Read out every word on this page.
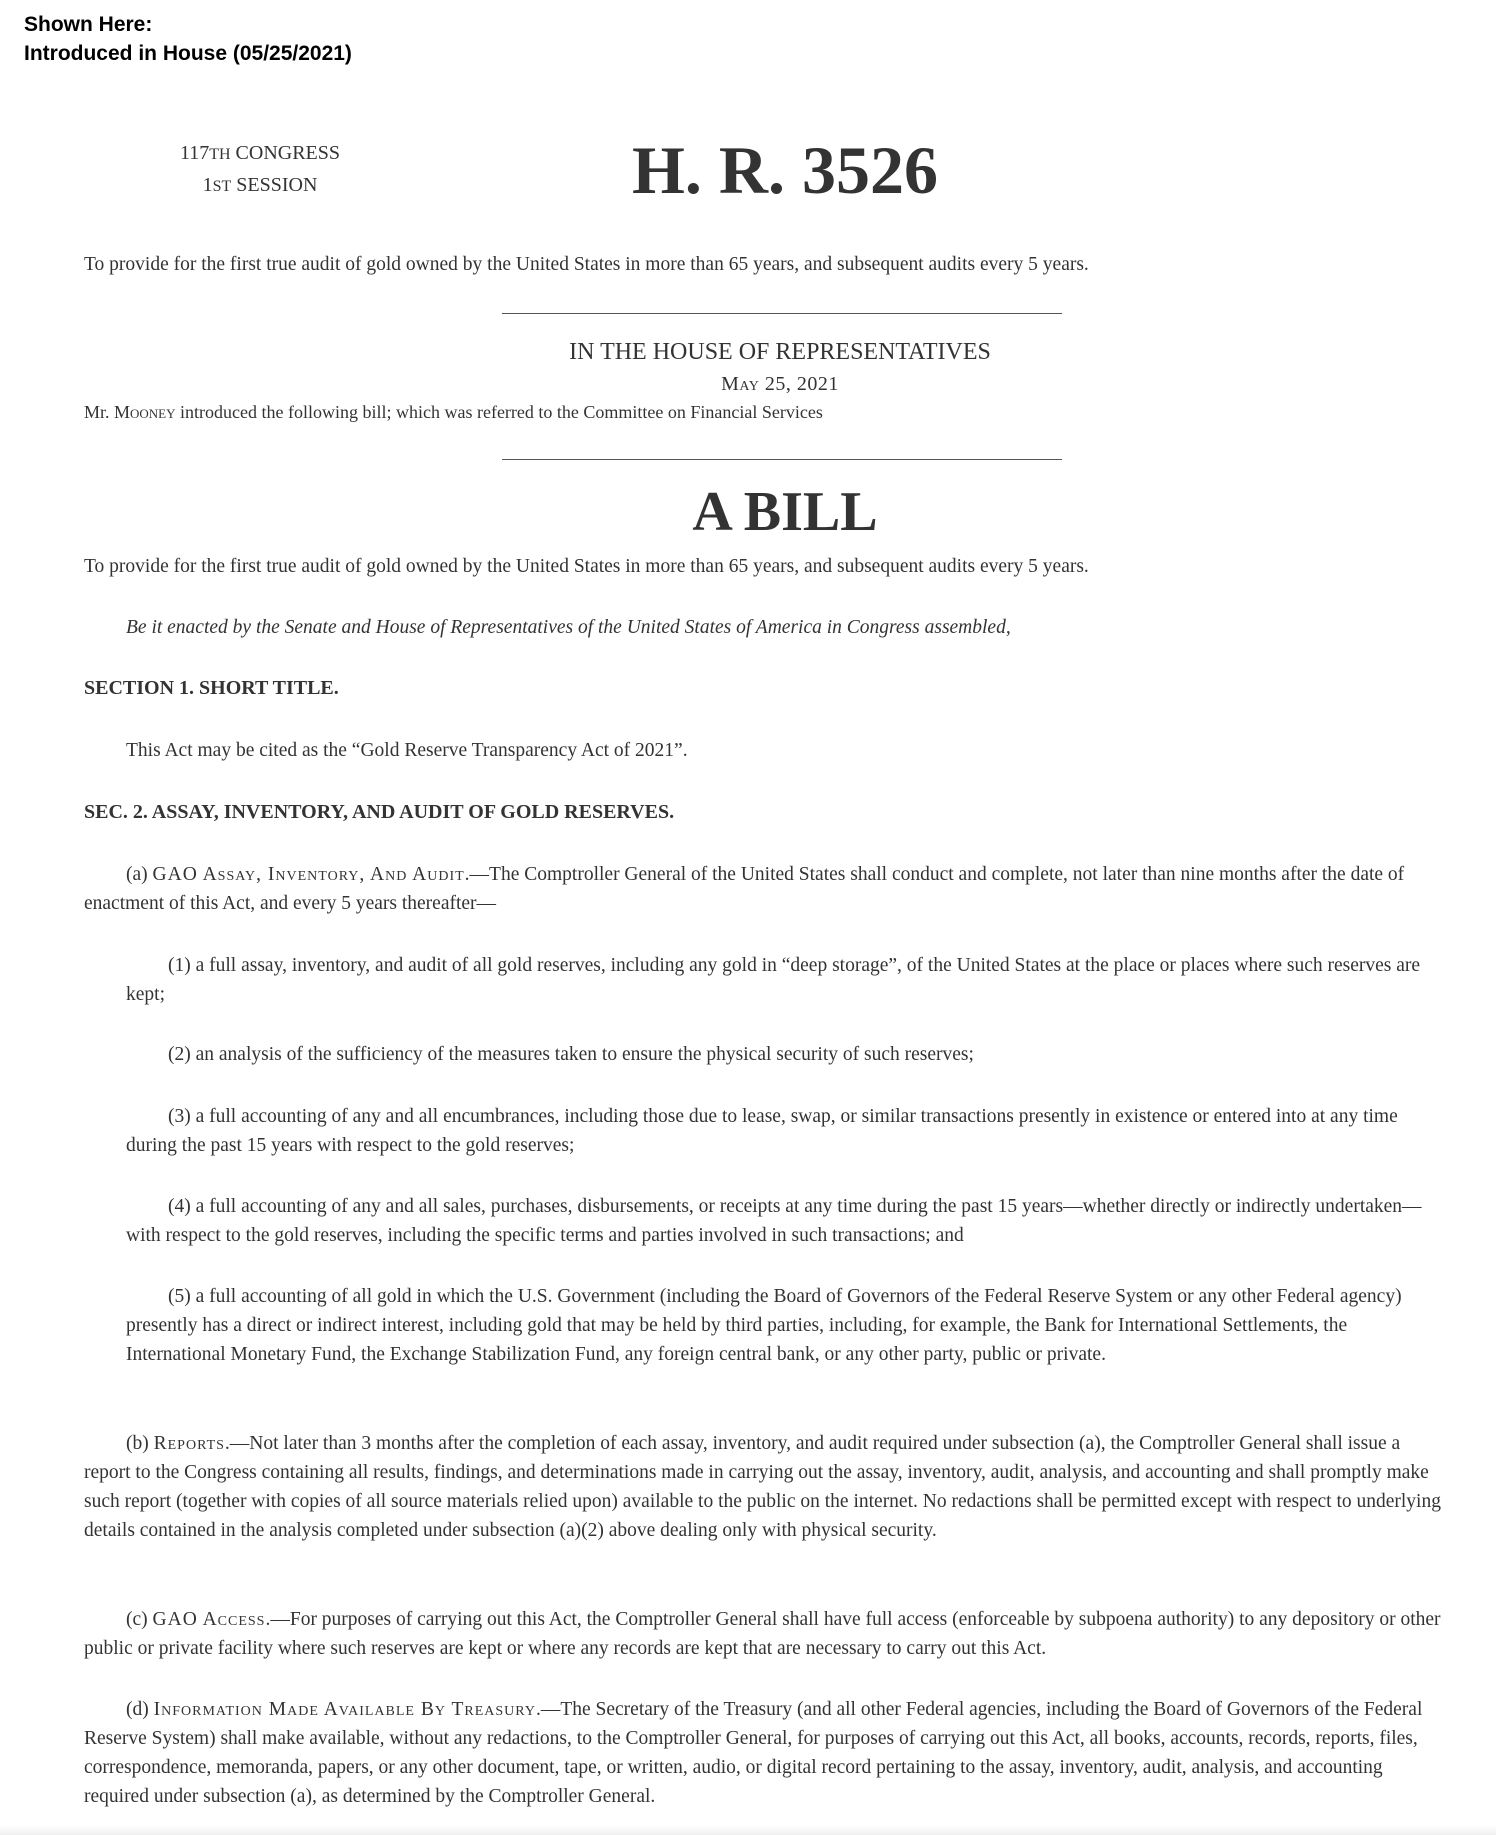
Shown Here:
Introduced in House (05/25/2021)
117TH CONGRESS
1ST SESSION	H. R. 3526

To provide for the first true audit of gold owned by the United States in more than 65 years, and subsequent audits every 5 years.

IN THE HOUSE OF REPRESENTATIVES
May 25, 2021

Mr. Mooney introduced the following bill; which was referred to the Committee on Financial Services

A BILL

To provide for the first true audit of gold owned by the United States in more than 65 years, and subsequent audits every 5 years.

Be it enacted by the Senate and House of Representatives of the United States of America in Congress assembled,

SECTION 1. SHORT TITLE.

This Act may be cited as the “Gold Reserve Transparency Act of 2021”.

SEC. 2. ASSAY, INVENTORY, AND AUDIT OF GOLD RESERVES.

(a) GAO Assay, Inventory, And Audit.—The Comptroller General of the United States shall conduct and complete, not later than nine months after the date of enactment of this Act, and every 5 years thereafter—

(1) a full assay, inventory, and audit of all gold reserves, including any gold in “deep storage”, of the United States at the place or places where such reserves are kept;

(2) an analysis of the sufficiency of the measures taken to ensure the physical security of such reserves;

(3) a full accounting of any and all encumbrances, including those due to lease, swap, or similar transactions presently in existence or entered into at any time during the past 15 years with respect to the gold reserves;

(4) a full accounting of any and all sales, purchases, disbursements, or receipts at any time during the past 15 years—whether directly or indirectly undertaken—with respect to the gold reserves, including the specific terms and parties involved in such transactions; and

(5) a full accounting of all gold in which the U.S. Government (including the Board of Governors of the Federal Reserve System or any other Federal agency) presently has a direct or indirect interest, including gold that may be held by third parties, including, for example, the Bank for International Settlements, the International Monetary Fund, the Exchange Stabilization Fund, any foreign central bank, or any other party, public or private.

(b) Reports.—Not later than 3 months after the completion of each assay, inventory, and audit required under subsection (a), the Comptroller General shall issue a report to the Congress containing all results, findings, and determinations made in carrying out the assay, inventory, audit, analysis, and accounting and shall promptly make such report (together with copies of all source materials relied upon) available to the public on the internet. No redactions shall be permitted except with respect to underlying details contained in the analysis completed under subsection (a)(2) above dealing only with physical security.

(c) GAO Access.—For purposes of carrying out this Act, the Comptroller General shall have full access (enforceable by subpoena authority) to any depository or other public or private facility where such reserves are kept or where any records are kept that are necessary to carry out this Act.

(d) Information Made Available By Treasury.—The Secretary of the Treasury (and all other Federal agencies, including the Board of Governors of the Federal Reserve System) shall make available, without any redactions, to the Comptroller General, for purposes of carrying out this Act, all books, accounts, records, reports, files, correspondence, memoranda, papers, or any other document, tape, or written, audio, or digital record pertaining to the assay, inventory, audit, analysis, and accounting required under subsection (a), as determined by the Comptroller General.
